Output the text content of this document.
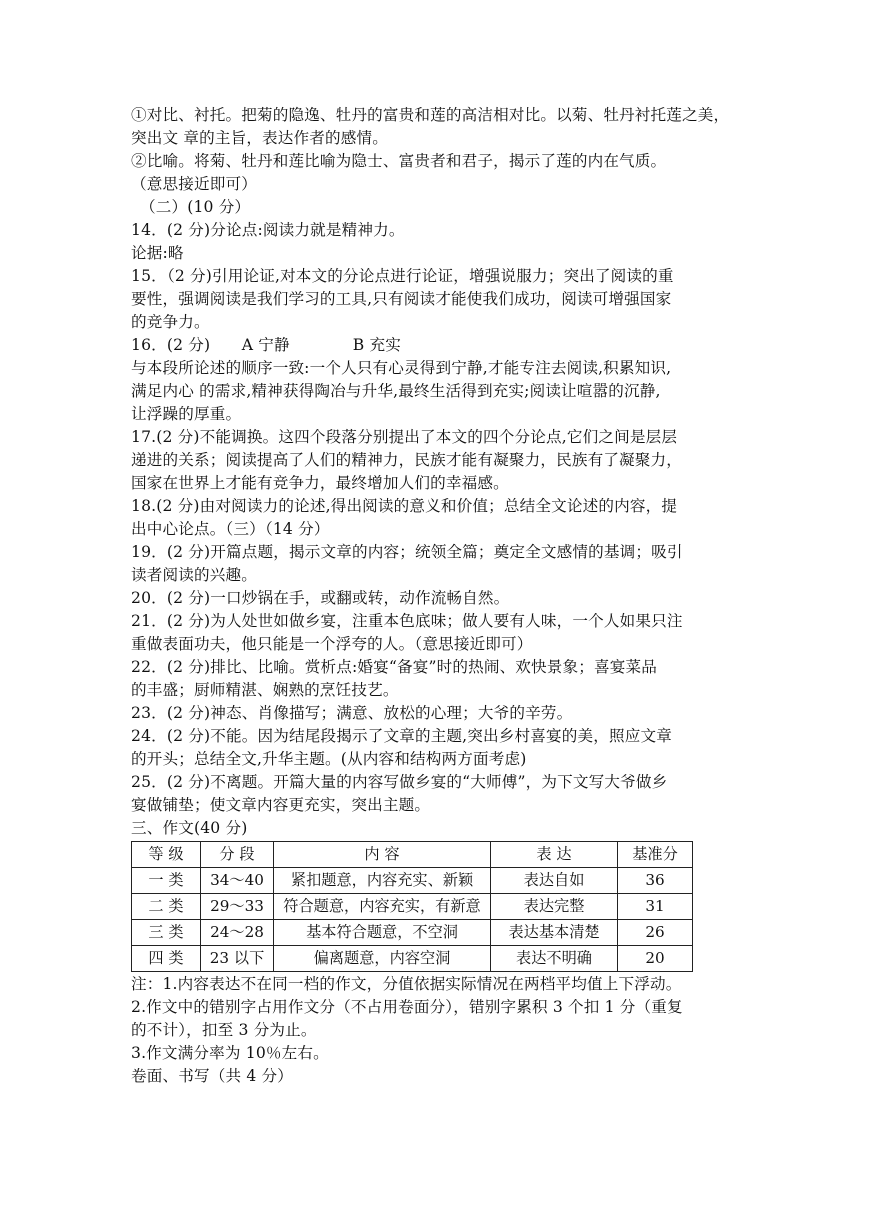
①对比、衬托。把菊的隐逸、牡丹的富贵和莲的高洁相对比。以菊、牡丹衬托莲之美，
突出文 章的主旨，表达作者的感情。
②比喻。将菊、牡丹和莲比喻为隐士、富贵者和君子，揭示了莲的内在气质。
（意思接近即可）
（二）(10 分）
14．(2 分)分论点:阅读力就是精神力。
论据:略
15．（2 分)引用论证,对本文的分论点进行论证，增强说服力；突出了阅读的重
要性，强调阅读是我们学习的工具,只有阅读才能使我们成功，阅读可增强国家
的竞争力。
16．(2 分)　　A 宁静　　　　B 充实
与本段所论述的顺序一致:一个人只有心灵得到宁静,才能专注去阅读,积累知识,
满足内心 的需求,精神获得陶冶与升华,最终生活得到充实;阅读让喧嚣的沉静,
让浮躁的厚重。
17.(2 分)不能调换。这四个段落分别提出了本文的四个分论点,它们之间是层层
递进的关系；阅读提高了人们的精神力，民族才能有凝聚力，民族有了凝聚力，
国家在世界上才能有竞争力，最终增加人们的幸福感。
18.(2 分)由对阅读力的论述,得出阅读的意义和价值；总结全文论述的内容，提
出中心论点。（三）（14 分）
19．(2 分)开篇点题，揭示文章的内容；统领全篇；奠定全文感情的基调；吸引
读者阅读的兴趣。
20．(2 分)一口炒锅在手，或翻或转，动作流畅自然。
21．(2 分)为人处世如做乡宴，注重本色底味；做人要有人味，一个人如果只注
重做表面功夫，他只能是一个浮夸的人。（意思接近即可）
22．(2 分)排比、比喻。赏析点:婚宴“备宴”时的热闹、欢快景象；喜宴菜品
的丰盛；厨师精湛、娴熟的烹饪技艺。
23．(2 分)神态、肖像描写；满意、放松的心理；大爷的辛劳。
24．(2 分)不能。因为结尾段揭示了文章的主题,突出乡村喜宴的美，照应文章
的开头；总结全文,升华主题。(从内容和结构两方面考虑)
25．(2 分)不离题。开篇大量的内容写做乡宴的“大师傅”，为下文写大爷做乡
宴做铺垫；使文章内容更充实，突出主题。
三、作文(40 分)
等 级	分 段	内 容	表 达	基准分
一 类	34～40	紧扣题意，内容充实、新颖	表达自如	36
二 类	29～33	符合题意，内容充实，有新意	表达完整	31
三 类	24～28	基本符合题意，不空洞	表达基本清楚	26
四 类	23 以下	偏离题意，内容空洞	表达不明确	20
注：1.内容表达不在同一档的作文，分值依据实际情况在两档平均值上下浮动。
2.作文中的错别字占用作文分（不占用卷面分），错别字累积 3 个扣 1 分（重复
的不计），扣至 3 分为止。
3.作文满分率为 10％左右。
卷面、书写（共 4 分）
